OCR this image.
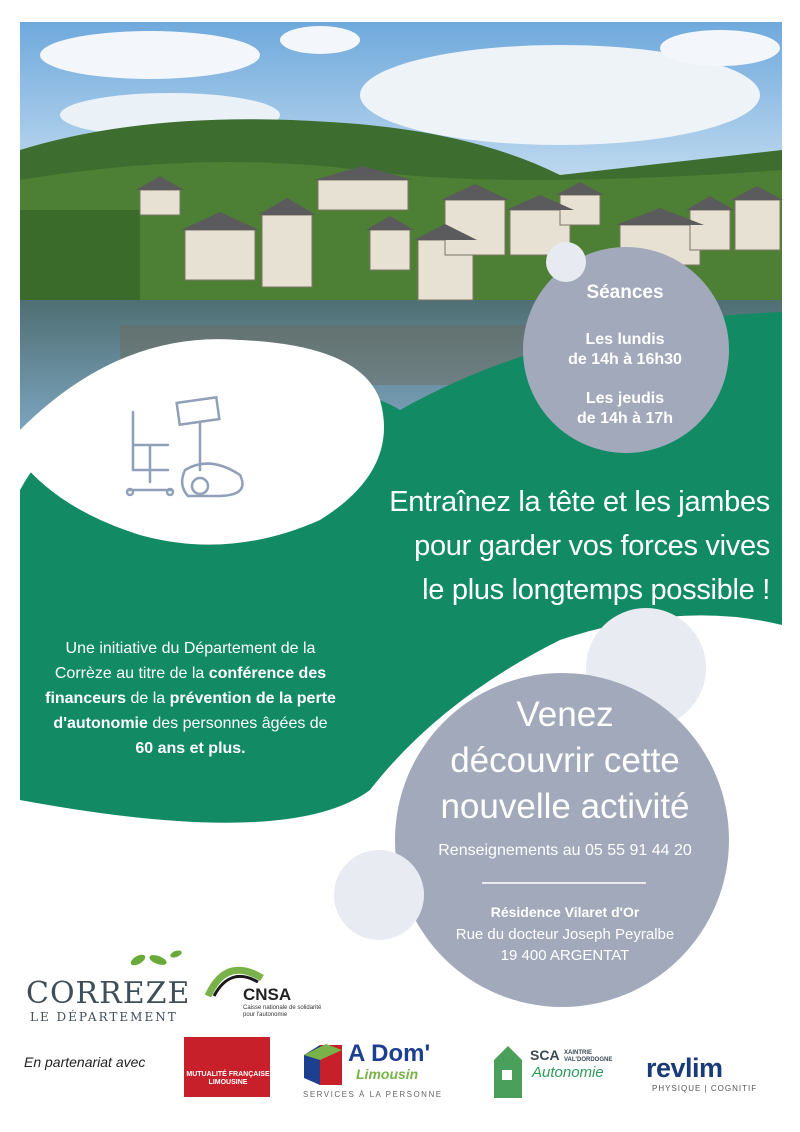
Séances
Les lundis
de 14h à 16h30
Les jeudis
de 14h à 17h
Entraînez la tête et les jambes
pour garder vos forces vives
le plus longtemps possible !
Une initiative du Département de la Corrèze au titre de la conférence des financeurs de la prévention de la perte d'autonomie des personnes âgées de
60 ans et plus.
Venez
découvrir cette
nouvelle activité
Renseignements au 05 55 91 44 20
Résidence Vilaret d'Or
Rue du docteur Joseph Peyralbe
19 400 ARGENTAT
CORREZE
LE DÉPARTEMENT
CNSA
Caisse nationale de solidarité pour l'autonomie
En partenariat avec
MUTUALITÉ FRANÇAISE LIMOUSINE
A Dom'
Limousin
SERVICES À LA PERSONNE
SCA XAINTRIE VAL'DORDOGNE
Autonomie revlim
PHYSIQUE | COGNITIF
